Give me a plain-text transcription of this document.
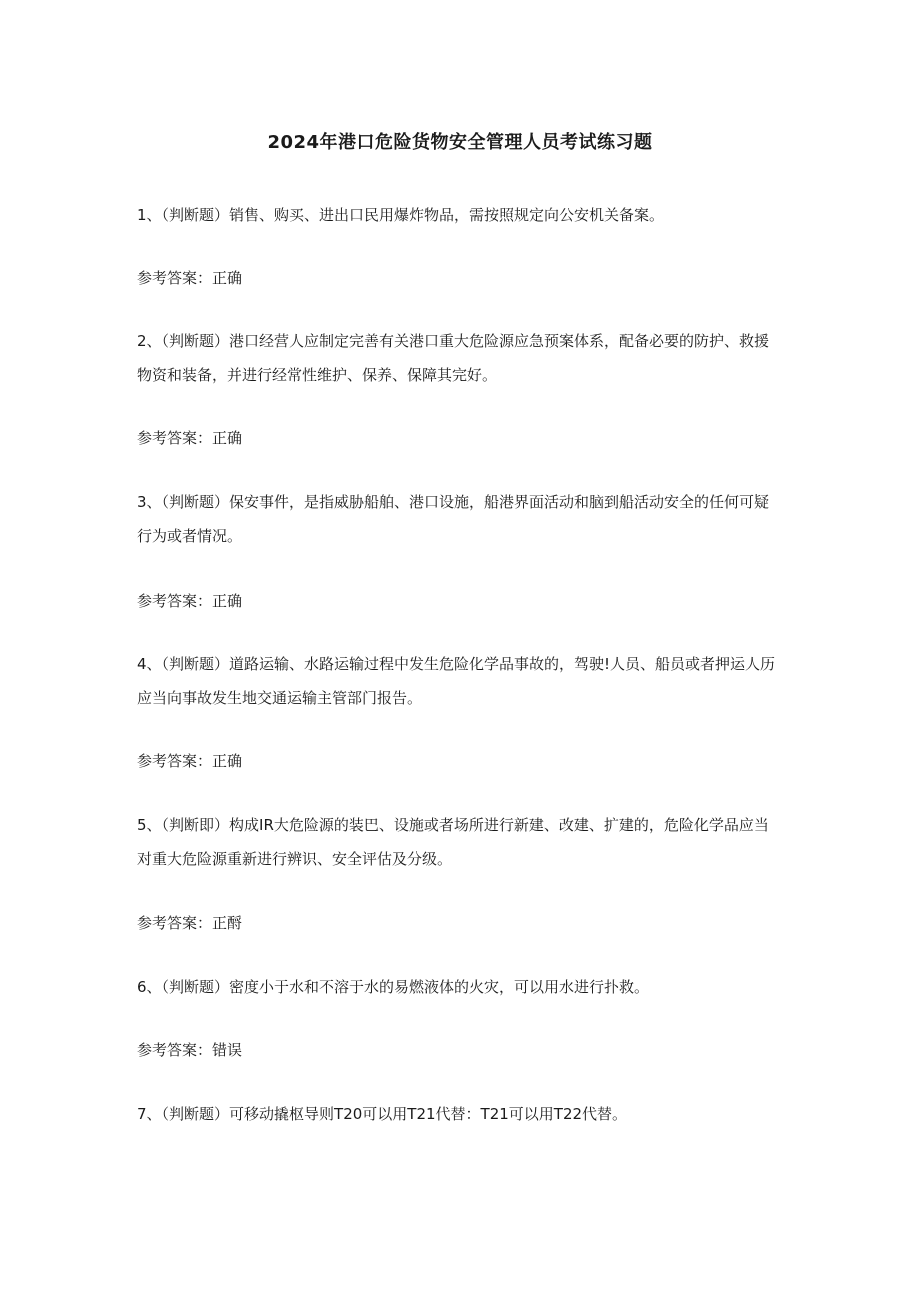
2024年港口危险货物安全管理人员考试练习题
1、（判断题）销售、购买、进出口民用爆炸物品，需按照规定向公安机关备案。
参考答案：正确
2、（判断题）港口经营人应制定完善有关港口重大危险源应急预案体系，配备必要的防护、救援物资和装备，并进行经常性维护、保养、保障其完好。
参考答案：正确
3、（判断题）保安事件，是指威胁船舶、港口设施，船港界面活动和脑到船活动安全的任何可疑行为或者情况。
参考答案：正确
4、（判断题）道路运输、水路运输过程中发生危险化学品事故的，驾驶!人员、船员或者押运人历应当向事故发生地交通运输主管部门报告。
参考答案：正确
5、（判断即）构成IR大危险源的装巴、设施或者场所进行新建、改建、扩建的，危险化学品应当对重大危险源重新进行辨识、安全评估及分级。
参考答案：正酹
6、（判断题）密度小于水和不溶于水的易燃液体的火灾，可以用水进行扑救。
参考答案：错误
7、（判断题）可移动撬枢导则T20可以用T21代替：T21可以用T22代替。
